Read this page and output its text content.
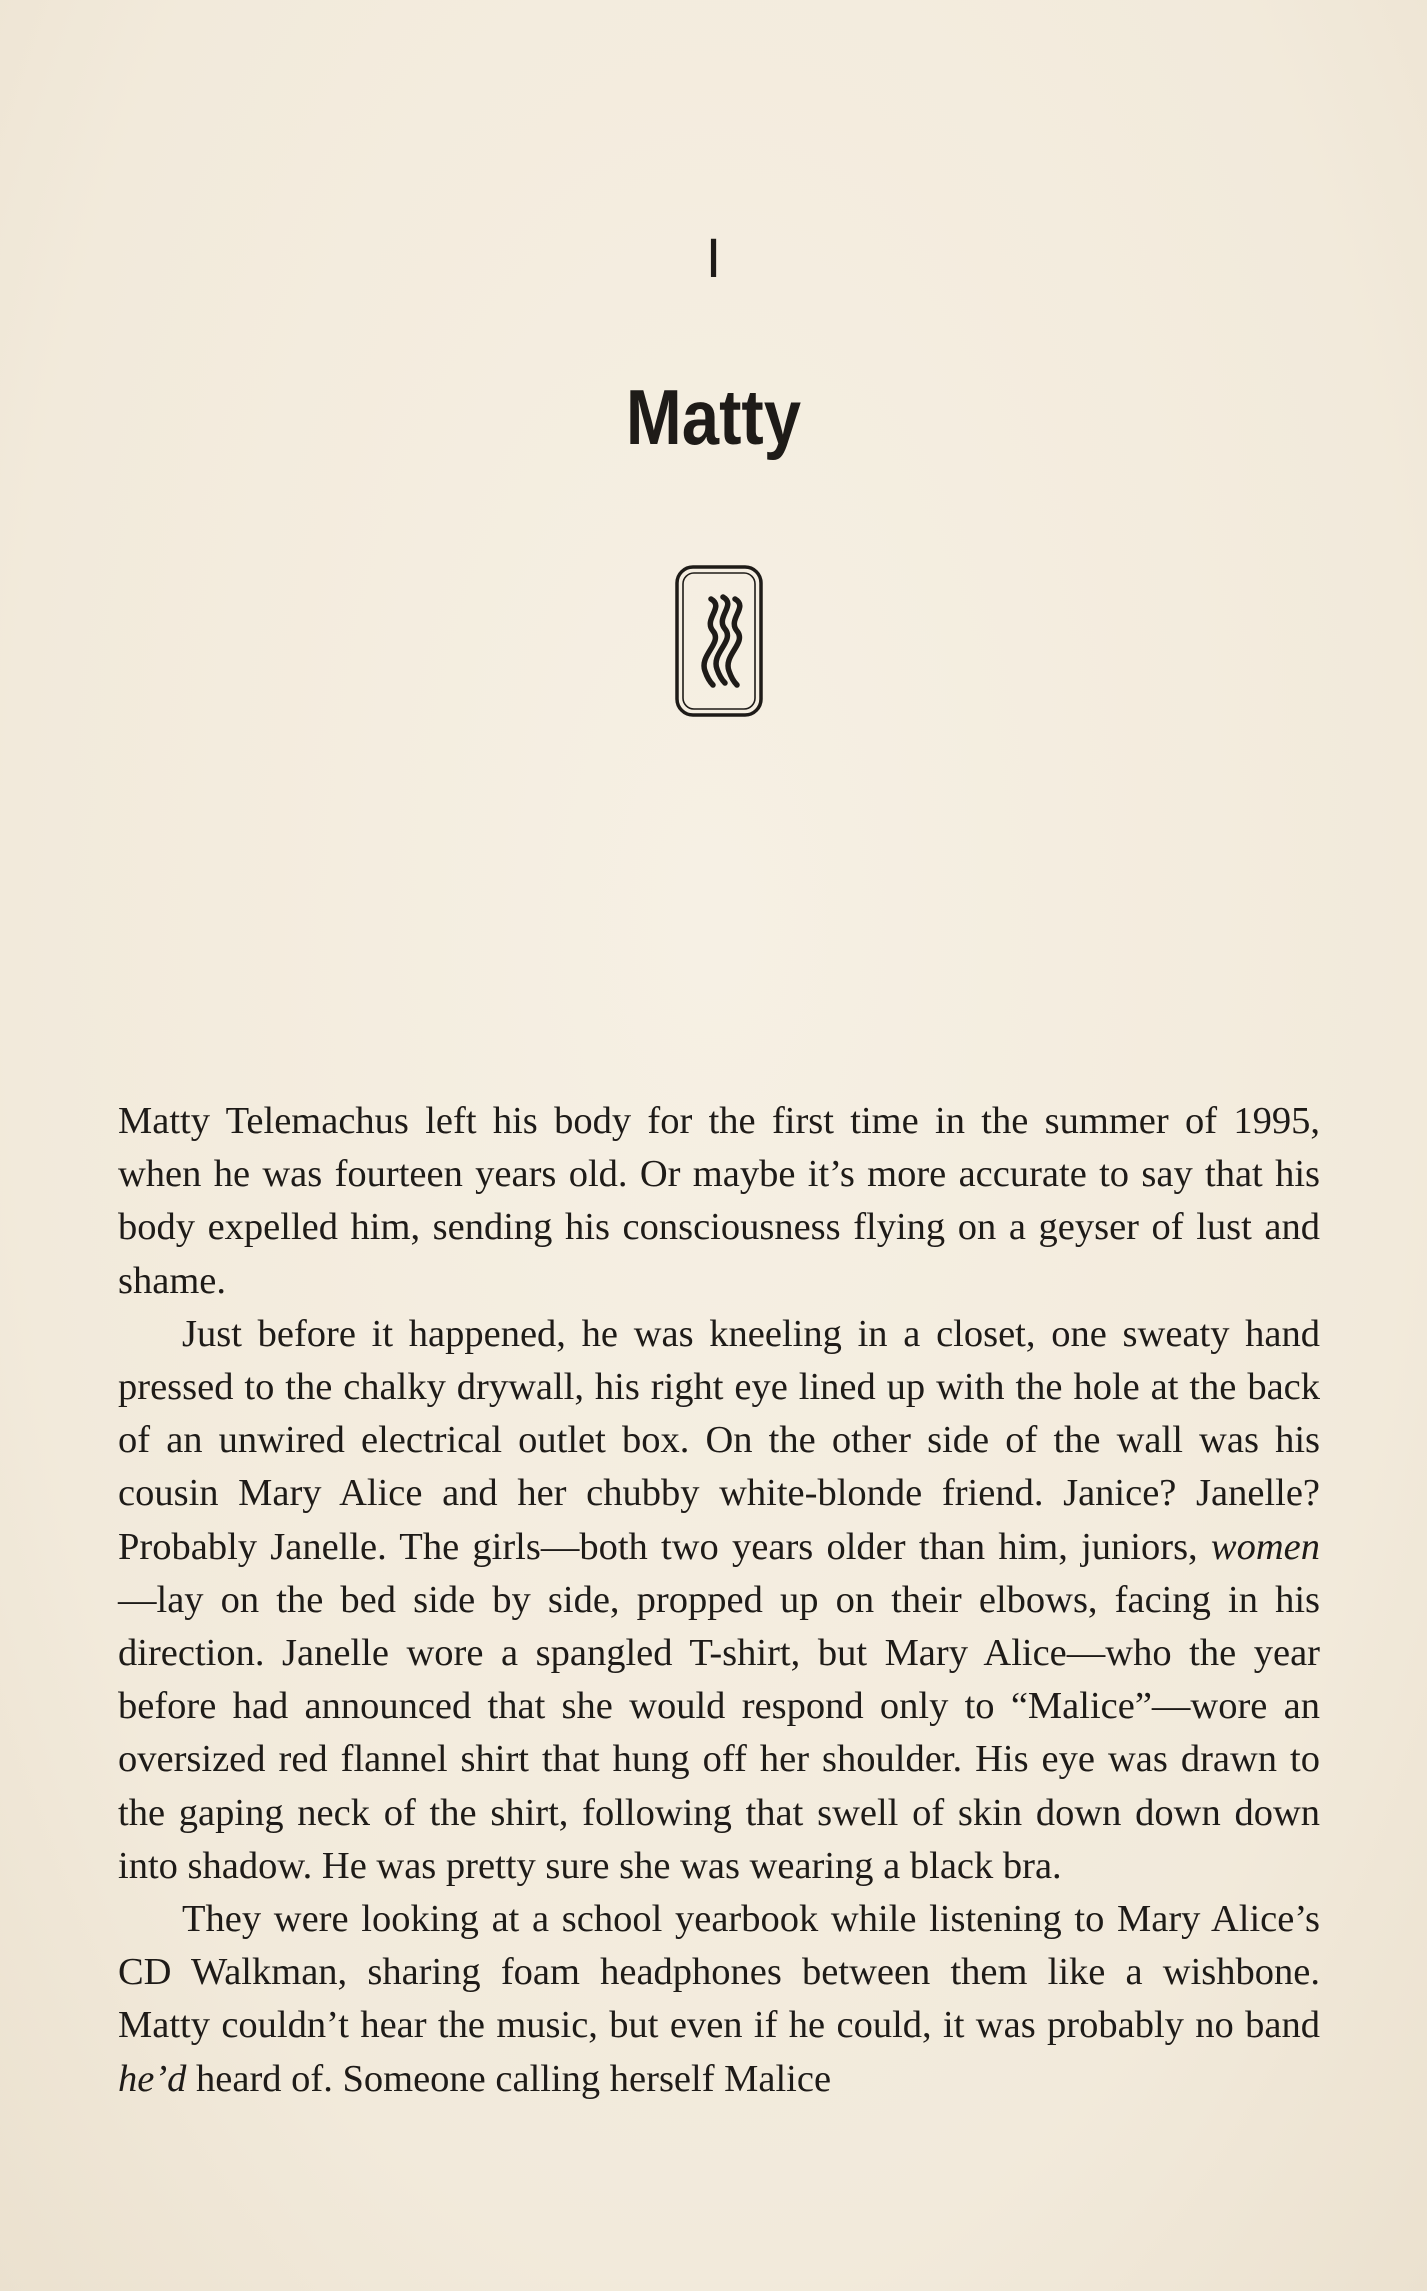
I
Matty

Matty Telemachus left his body for the first time in the summer of 1995, when he was fourteen years old. Or maybe it’s more accurate to say that his body expelled him, sending his consciousness flying on a geyser of lust and shame.

Just before it happened, he was kneeling in a closet, one sweaty hand pressed to the chalky drywall, his right eye lined up with the hole at the back of an unwired electrical outlet box. On the other side of the wall was his cousin Mary Alice and her chubby white-blonde friend. Janice? Janelle? Probably Janelle. The girls—both two years older than him, juniors, women—lay on the bed side by side, propped up on their elbows, facing in his direction. Janelle wore a spangled T-shirt, but Mary Alice—who the year before had announced that she would respond only to “Malice”—wore an oversized red flannel shirt that hung off her shoulder. His eye was drawn to the gaping neck of the shirt, following that swell of skin down down down into shadow. He was pretty sure she was wearing a black bra.

They were looking at a school yearbook while listening to Mary Alice’s CD Walkman, sharing foam headphones between them like a wishbone. Matty couldn’t hear the music, but even if he could, it was probably no band he’d heard of. Someone calling herself Malice
